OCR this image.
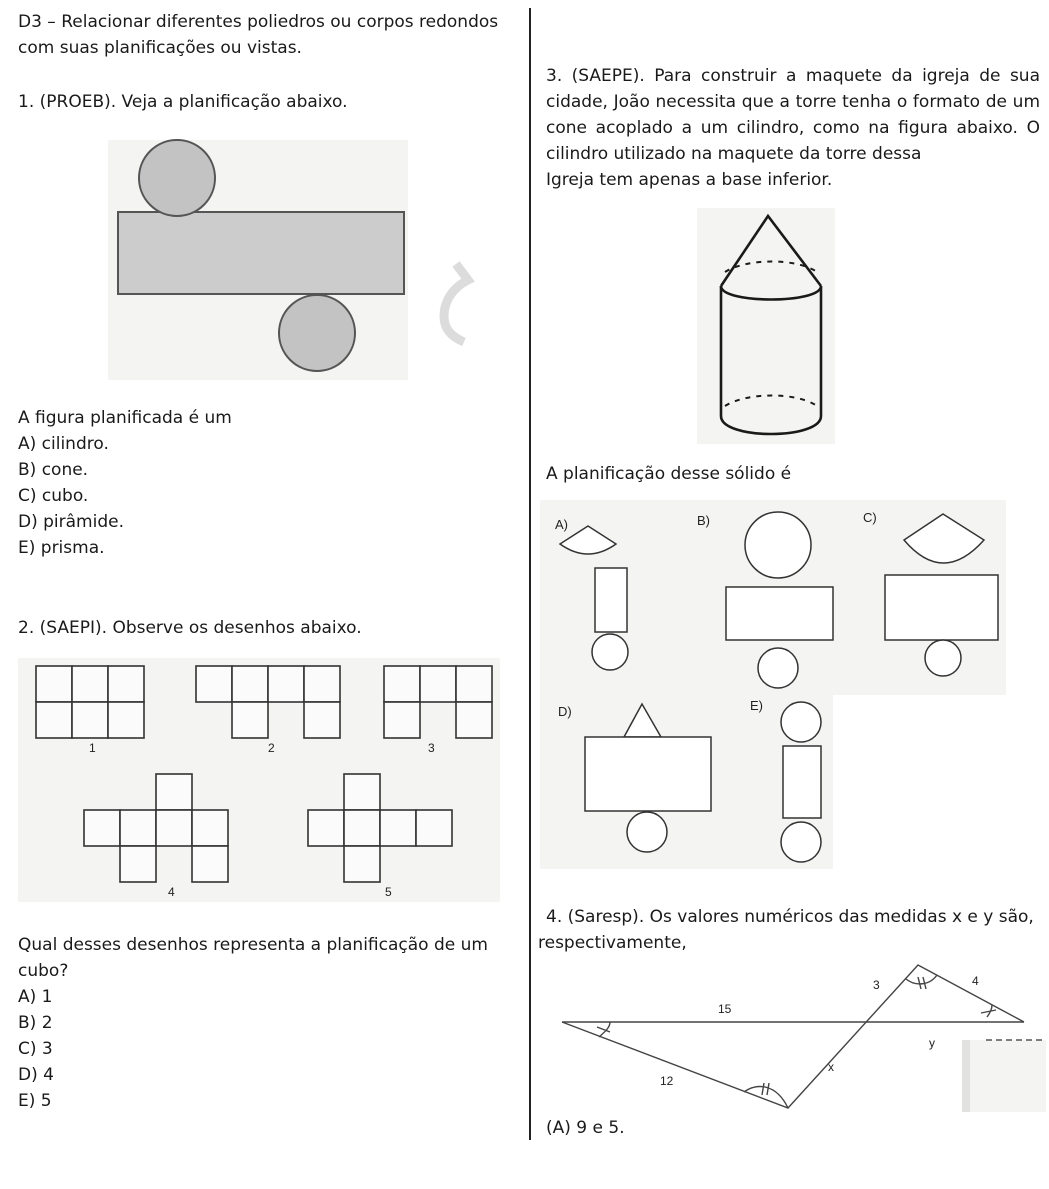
D3 – Relacionar diferentes poliedros ou corpos redondos
com suas planificações ou vistas.
1. (PROEB). Veja a planificação abaixo.
A figura planificada é um
A) cilindro.
B) cone.
C) cubo.
D) pirâmide.
E) prisma.
2. (SAEPI). Observe os desenhos abaixo.
1	2	3
4	5
Qual desses desenhos representa a planificação de um
cubo?
A) 1
B) 2
C) 3
D) 4
E) 5
3. (SAEPE). Para construir a maquete da igreja de sua
cidade, João necessita que a torre tenha o formato de um
cone acoplado a um cilindro, como na figura abaixo. O
cilindro utilizado na maquete da torre dessa
Igreja tem apenas a base inferior.
A planificação desse sólido é
A)	B)	C)
D)	E)
4. (Saresp). Os valores numéricos das medidas x e y são,
respectivamente,
3	4
15
y
x
12
(A) 9 e 5.
